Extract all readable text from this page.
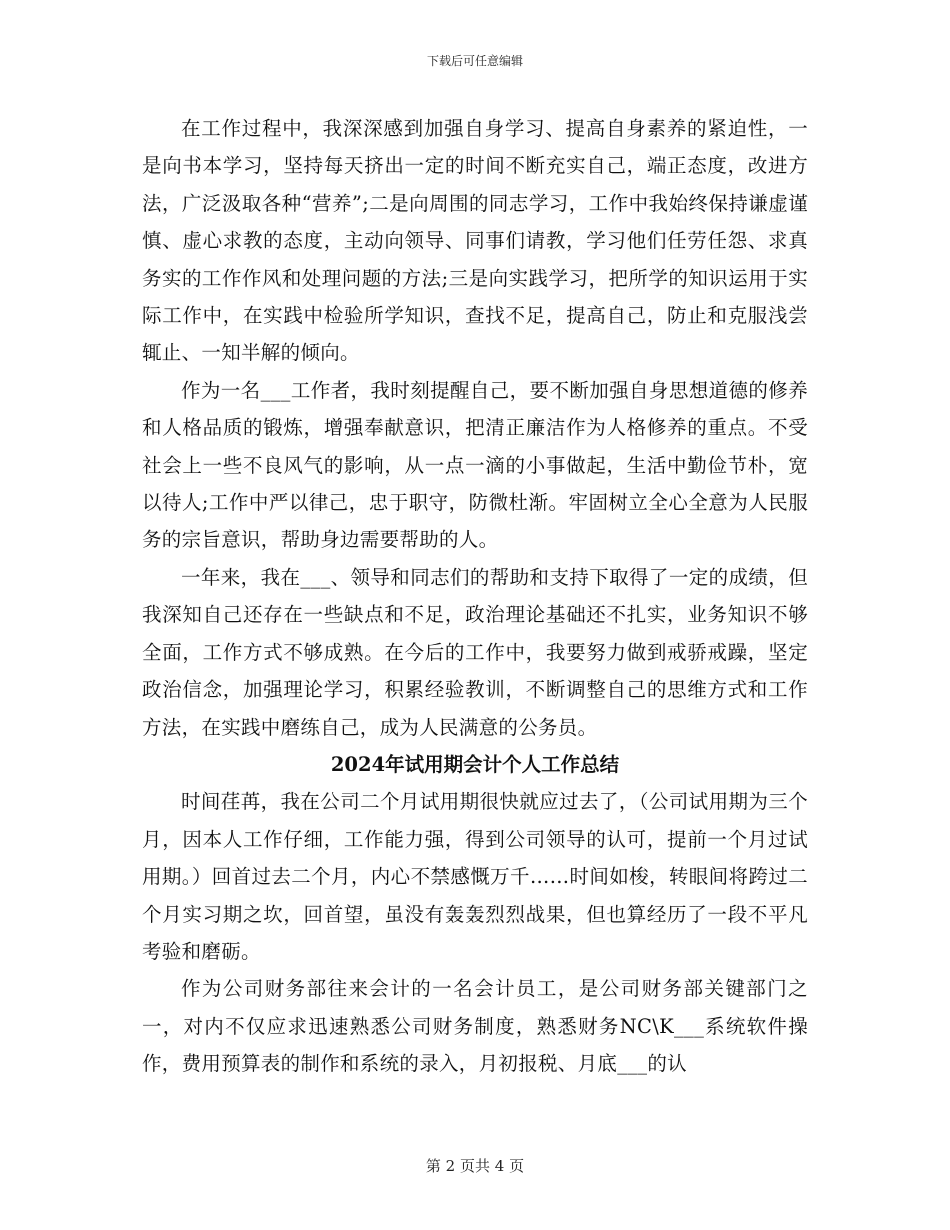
下载后可任意编辑

在工作过程中，我深深感到加强自身学习、提高自身素养的紧迫性，一是向书本学习，坚持每天挤出一定的时间不断充实自己，端正态度，改进方法，广泛汲取各种“营养”;二是向周围的同志学习，工作中我始终保持谦虚谨慎、虚心求教的态度，主动向领导、同事们请教，学习他们任劳任怨、求真务实的工作作风和处理问题的方法;三是向实践学习，把所学的知识运用于实际工作中，在实践中检验所学知识，查找不足，提高自己，防止和克服浅尝辄止、一知半解的倾向。

作为一名___工作者，我时刻提醒自己，要不断加强自身思想道德的修养和人格品质的锻炼，增强奉献意识，把清正廉洁作为人格修养的重点。不受社会上一些不良风气的影响，从一点一滴的小事做起，生活中勤俭节朴，宽以待人;工作中严以律己，忠于职守，防微杜渐。牢固树立全心全意为人民服务的宗旨意识，帮助身边需要帮助的人。

一年来，我在___、领导和同志们的帮助和支持下取得了一定的成绩，但我深知自己还存在一些缺点和不足，政治理论基础还不扎实，业务知识不够全面，工作方式不够成熟。在今后的工作中，我要努力做到戒骄戒躁，坚定政治信念，加强理论学习，积累经验教训，不断调整自己的思维方式和工作方法，在实践中磨练自己，成为人民满意的公务员。

2024年试用期会计个人工作总结

时间荏苒，我在公司二个月试用期很快就应过去了，（公司试用期为三个月，因本人工作仔细，工作能力强，得到公司领导的认可，提前一个月过试用期。）回首过去二个月，内心不禁感慨万千……时间如梭，转眼间将跨过二个月实习期之坎，回首望，虽没有轰轰烈烈战果，但也算经历了一段不平凡考验和磨砺。

作为公司财务部往来会计的一名会计员工，是公司财务部关键部门之一，对内不仅应求迅速熟悉公司财务制度，熟悉财务NC\K___系统软件操作，费用预算表的制作和系统的录入，月初报税、月底___的认

第 2 页共 4 页
